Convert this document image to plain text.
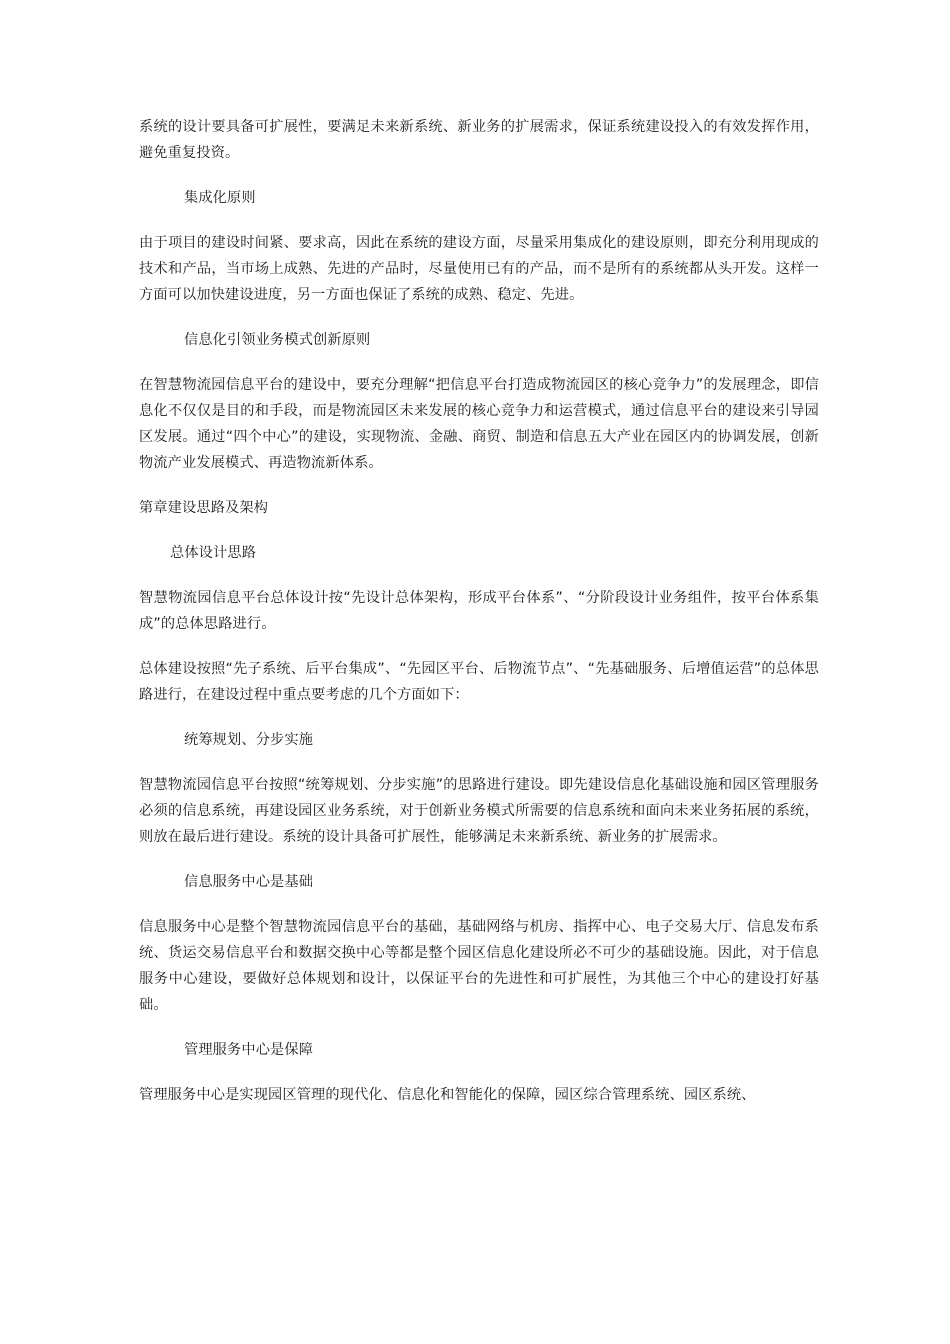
系统的设计要具备可扩展性，要满足未来新系统、新业务的扩展需求，保证系统建设投入的有效发挥作用，避免重复投资。

集成化原则

由于项目的建设时间紧、要求高，因此在系统的建设方面，尽量采用集成化的建设原则，即充分利用现成的技术和产品，当市场上成熟、先进的产品时，尽量使用已有的产品，而不是所有的系统都从头开发。这样一方面可以加快建设进度，另一方面也保证了系统的成熟、稳定、先进。

信息化引领业务模式创新原则

在智慧物流园信息平台的建设中，要充分理解“把信息平台打造成物流园区的核心竞争力”的发展理念，即信息化不仅仅是目的和手段，而是物流园区未来发展的核心竞争力和运营模式，通过信息平台的建设来引导园区发展。通过“四个中心”的建设，实现物流、金融、商贸、制造和信息五大产业在园区内的协调发展，创新物流产业发展模式、再造物流新体系。

第章建设思路及架构

总体设计思路

智慧物流园信息平台总体设计按“先设计总体架构，形成平台体系”、“分阶段设计业务组件，按平台体系集成”的总体思路进行。

总体建设按照“先子系统、后平台集成”、“先园区平台、后物流节点”、“先基础服务、后增值运营”的总体思路进行，在建设过程中重点要考虑的几个方面如下：

统筹规划、分步实施

智慧物流园信息平台按照“统筹规划、分步实施”的思路进行建设。即先建设信息化基础设施和园区管理服务必须的信息系统，再建设园区业务系统，对于创新业务模式所需要的信息系统和面向未来业务拓展的系统，则放在最后进行建设。系统的设计具备可扩展性，能够满足未来新系统、新业务的扩展需求。

信息服务中心是基础

信息服务中心是整个智慧物流园信息平台的基础，基础网络与机房、指挥中心、电子交易大厅、信息发布系统、货运交易信息平台和数据交换中心等都是整个园区信息化建设所必不可少的基础设施。因此，对于信息服务中心建设，要做好总体规划和设计，以保证平台的先进性和可扩展性，为其他三个中心的建设打好基础。

管理服务中心是保障

管理服务中心是实现园区管理的现代化、信息化和智能化的保障，园区综合管理系统、园区系统、
